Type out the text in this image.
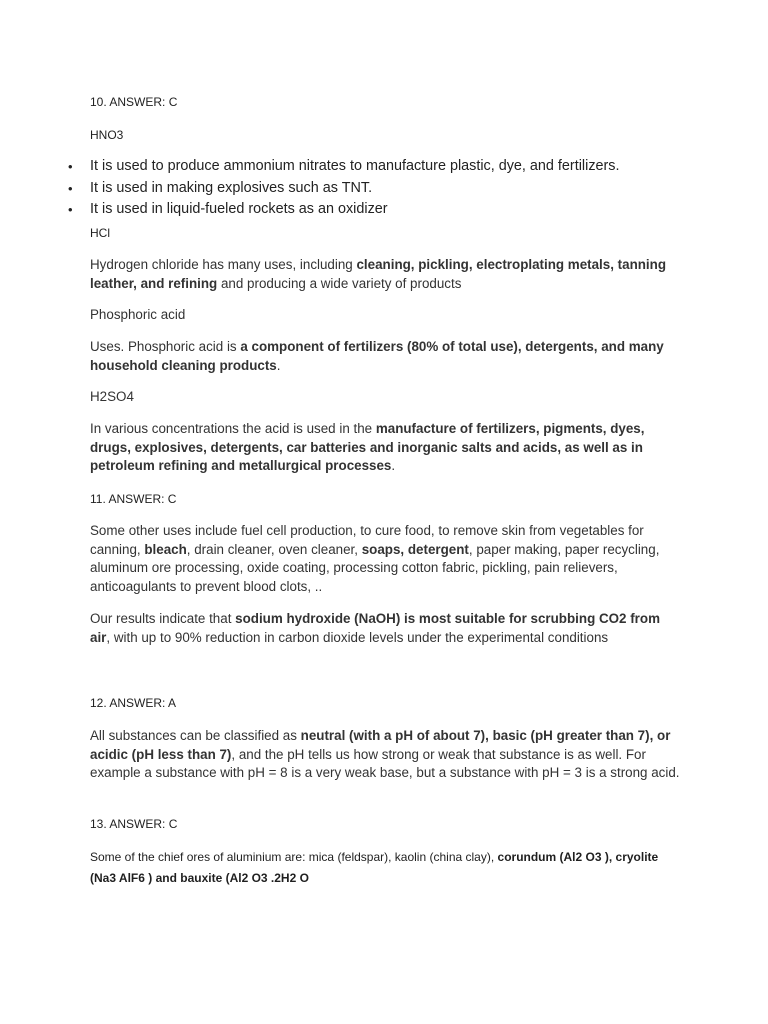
10. ANSWER: C

HNO3

• It is used to produce ammonium nitrates to manufacture plastic, dye, and fertilizers.
• It is used in making explosives such as TNT.
• It is used in liquid-fueled rockets as an oxidizer

HCl

Hydrogen chloride has many uses, including cleaning, pickling, electroplating metals, tanning leather, and refining and producing a wide variety of products

Phosphoric acid

Uses. Phosphoric acid is a component of fertilizers (80% of total use), detergents, and many household cleaning products.

H2SO4

In various concentrations the acid is used in the manufacture of fertilizers, pigments, dyes, drugs, explosives, detergents, car batteries and inorganic salts and acids, as well as in petroleum refining and metallurgical processes.

11. ANSWER: C

Some other uses include fuel cell production, to cure food, to remove skin from vegetables for canning, bleach, drain cleaner, oven cleaner, soaps, detergent, paper making, paper recycling, aluminum ore processing, oxide coating, processing cotton fabric, pickling, pain relievers, anticoagulants to prevent blood clots, ..

Our results indicate that sodium hydroxide (NaOH) is most suitable for scrubbing CO2 from air, with up to 90% reduction in carbon dioxide levels under the experimental conditions

12. ANSWER: A

All substances can be classified as neutral (with a pH of about 7), basic (pH greater than 7), or acidic (pH less than 7), and the pH tells us how strong or weak that substance is as well. For example a substance with pH = 8 is a very weak base, but a substance with pH = 3 is a strong acid.

13. ANSWER: C

Some of the chief ores of aluminium are: mica (feldspar), kaolin (china clay), corundum (Al2 O3 ), cryolite (Na3 AlF6 ) and bauxite (Al2 O3 .2H2 O
